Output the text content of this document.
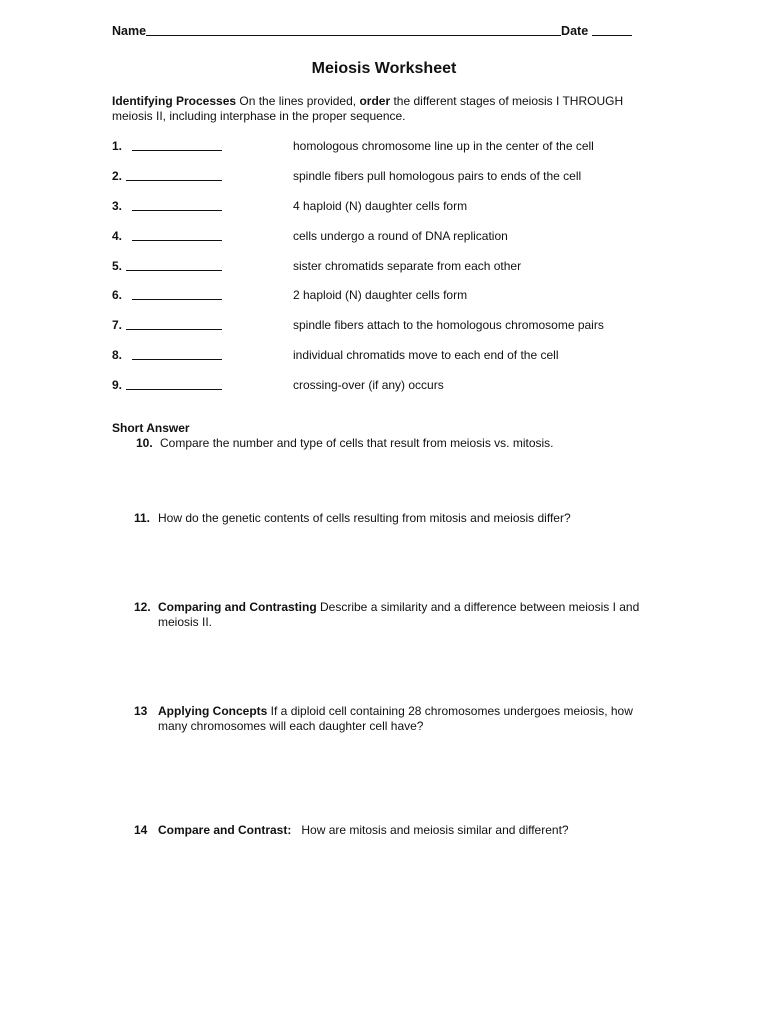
Name	Date
Meiosis Worksheet
Identifying Processes On the lines provided, order the different stages of meiosis I THROUGH meiosis II, including interphase in the proper sequence.
1.	homologous chromosome line up in the center of the cell
2.	spindle fibers pull homologous pairs to ends of the cell
3.	4 haploid (N) daughter cells form
4.	cells undergo a round of DNA replication
5.	sister chromatids separate from each other
6.	2 haploid (N) daughter cells form
7.	spindle fibers attach to the homologous chromosome pairs
8.	individual chromatids move to each end of the cell
9.	crossing-over (if any) occurs
Short Answer
10. Compare the number and type of cells that result from meiosis vs. mitosis.
11. How do the genetic contents of cells resulting from mitosis and meiosis differ?
12. Comparing and Contrasting Describe a similarity and a difference between meiosis I and meiosis II.
13 Applying Concepts If a diploid cell containing 28 chromosomes undergoes meiosis, how many chromosomes will each daughter cell have?
14 Compare and Contrast:   How are mitosis and meiosis similar and different?
